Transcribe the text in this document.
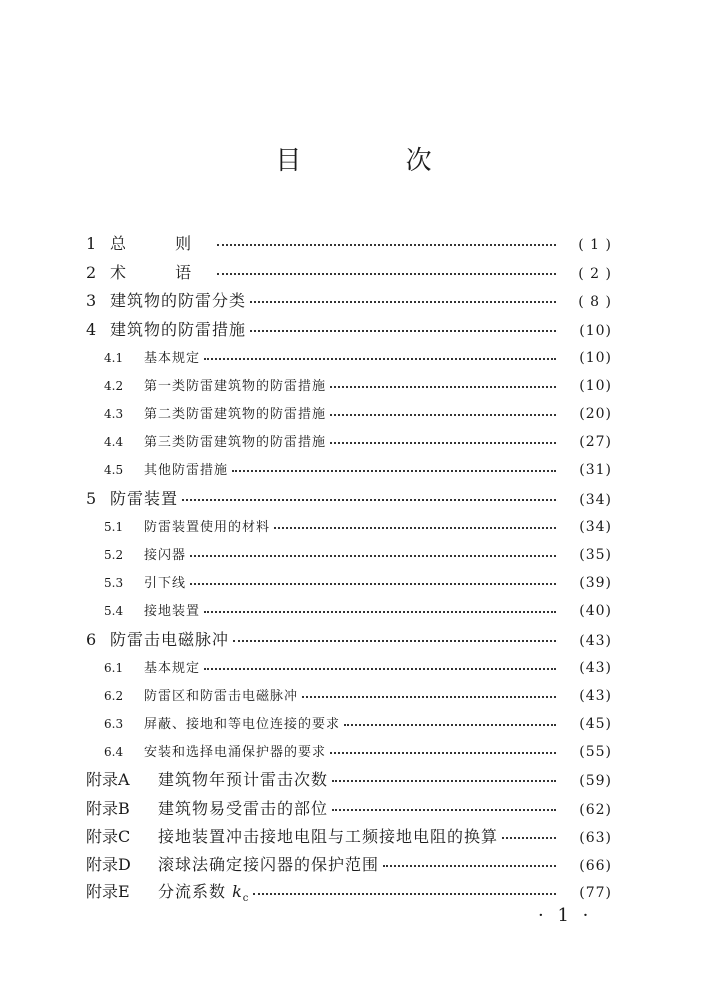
目 次
1 总 则	( 1 )
2 术 语	( 2 )
3 建筑物的防雷分类	( 8 )
4 建筑物的防雷措施	(10)
4.1	基本规定	(10)
4.2	第一类防雷建筑物的防雷措施	(10)
4.3	第二类防雷建筑物的防雷措施	(20)
4.4	第三类防雷建筑物的防雷措施	(27)
4.5	其他防雷措施	(31)
5 防雷装置	(34)
5.1	防雷装置使用的材料	(34)
5.2	接闪器	(35)
5.3	引下线	(39)
5.4	接地装置	(40)
6 防雷击电磁脉冲	(43)
6.1	基本规定	(43)
6.2	防雷区和防雷击电磁脉冲	(43)
6.3	屏蔽、接地和等电位连接的要求	(45)
6.4	安装和选择电涌保护器的要求	(55)
附录A	建筑物年预计雷击次数	(59)
附录B	建筑物易受雷击的部位	(62)
附录C	接地装置冲击接地电阻与工频接地电阻的换算	(63)
附录D	滚球法确定接闪器的保护范围	(66)
附录E	分流系数 $k_c$	(77)
· 1 ·
